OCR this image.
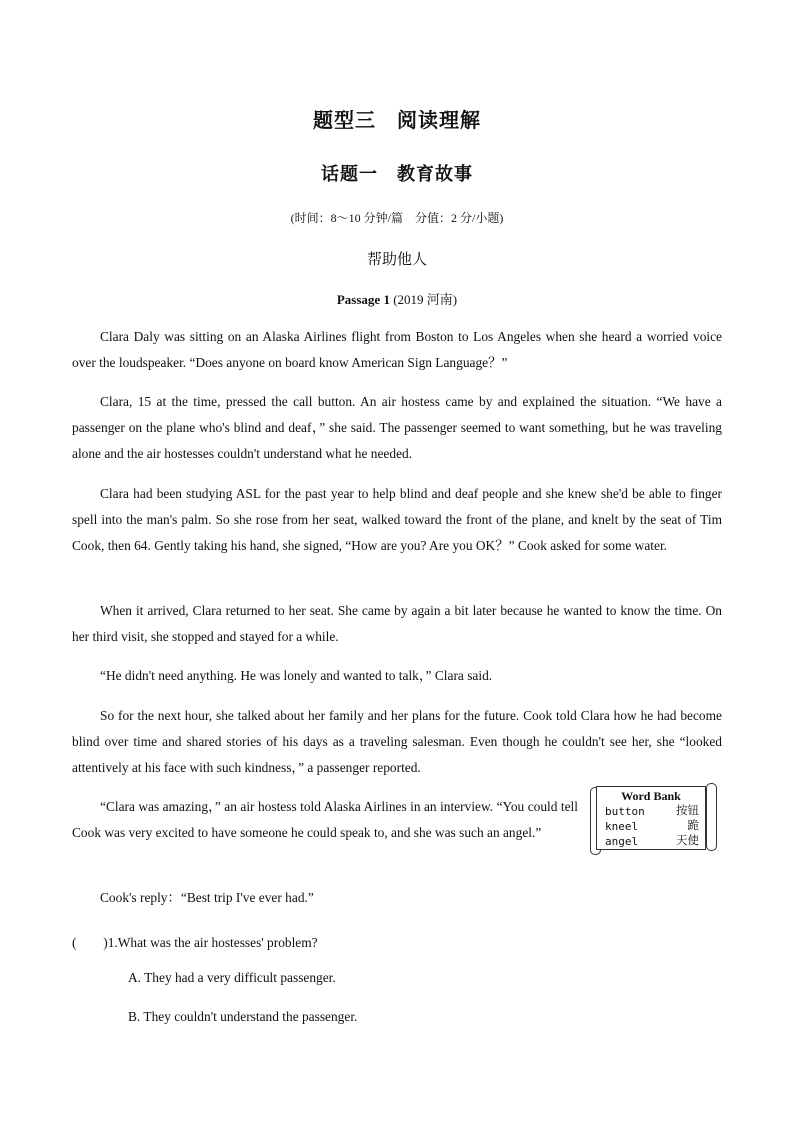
题型三　阅读理解
话题一　教育故事
(时间：8～10 分钟/篇　分值：2 分/小题)
帮助他人
Passage 1 (2019 河南)

Clara Daly was sitting on an Alaska Airlines flight from Boston to Los Angeles when she heard a worried voice over the loudspeaker. “Does anyone on board know American Sign Language？”

Clara, 15 at the time, pressed the call button. An air hostess came by and explained the situation. “We have a passenger on the plane who's blind and deaf，” she said. The passenger seemed to want something, but he was traveling alone and the air hostesses couldn't understand what he needed.

Clara had been studying ASL for the past year to help blind and deaf people and she knew she'd be able to finger spell into the man's palm. So she rose from her seat, walked toward the front of the plane, and knelt by the seat of Tim Cook, then 64. Gently taking his hand, she signed, “How are you? Are you OK？” Cook asked for some water.

When it arrived, Clara returned to her seat. She came by again a bit later because he wanted to know the time. On her third visit, she stopped and stayed for a while.

“He didn't need anything. He was lonely and wanted to talk，” Clara said.

So for the next hour, she talked about her family and her plans for the future. Cook told Clara how he had become blind over time and shared stories of his days as a traveling salesman. Even though he couldn't see her, she “looked attentively at his face with such kindness，” a passenger reported.

“Clara was amazing，” an air hostess told Alaska Airlines in an interview. “You could tell Cook was very excited to have someone he could speak to, and she was such an angel.”

Cook's reply：“Best trip I've ever had.”

Word Bank
button	按钮
kneel	跪
angel	天使
(　　)1.What was the air hostesses' problem?
A. They had a very difficult passenger.
B. They couldn't understand the passenger.
